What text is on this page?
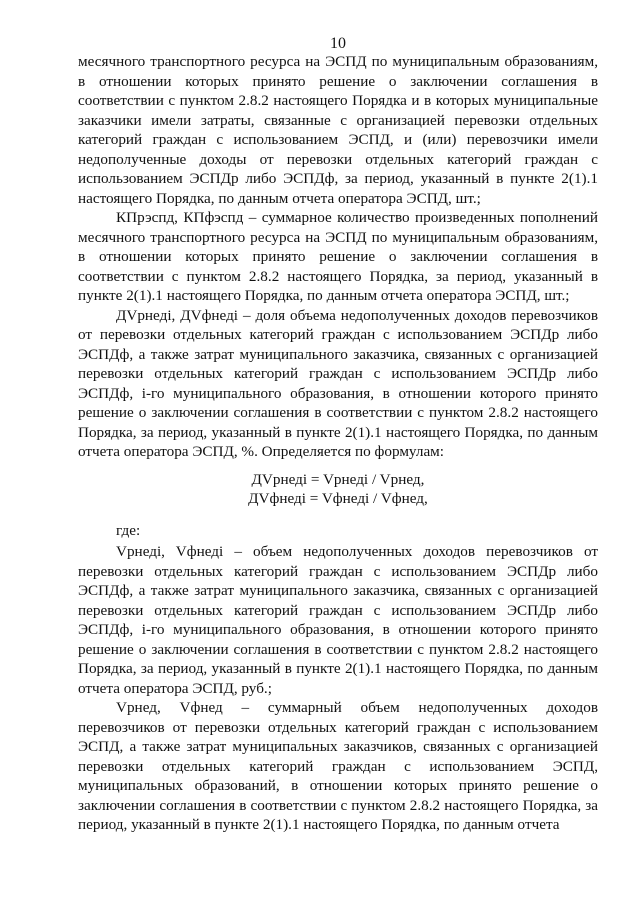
10

месячного транспортного ресурса на ЭСПД по муниципальным образованиям, в отношении которых принято решение о заключении соглашения в соответствии с пунктом 2.8.2 настоящего Порядка и в которых муниципальные заказчики имели затраты, связанные с организацией перевозки отдельных категорий граждан с использованием ЭСПД, и (или) перевозчики имели недополученные доходы от перевозки отдельных категорий граждан с использованием ЭСПДр либо ЭСПДф, за период, указанный в пункте 2(1).1 настоящего Порядка, по данным отчета оператора ЭСПД, шт.;

КПрэспд, КПфэспд – суммарное количество произведенных пополнений месячного транспортного ресурса на ЭСПД по муниципальным образованиям, в отношении которых принято решение о заключении соглашения в соответствии с пунктом 2.8.2 настоящего Порядка, за период, указанный в пункте 2(1).1 настоящего Порядка, по данным отчета оператора ЭСПД, шт.;

ДVрнедi, ДVфнедi – доля объема недополученных доходов перевозчиков от перевозки отдельных категорий граждан с использованием ЭСПДр либо ЭСПДф, а также затрат муниципального заказчика, связанных с организацией перевозки отдельных категорий граждан с использованием ЭСПДр либо ЭСПДф, i-го муниципального образования, в отношении которого принято решение о заключении соглашения в соответствии с пунктом 2.8.2 настоящего Порядка, за период, указанный в пункте 2(1).1 настоящего Порядка, по данным отчета оператора ЭСПД, %. Определяется по формулам:

ДVрнедi = Vрнедi / Vрнед,
ДVфнедi = Vфнедi / Vфнед,

где:

Vрнедi, Vфнедi – объем недополученных доходов перевозчиков от перевозки отдельных категорий граждан с использованием ЭСПДр либо ЭСПДф, а также затрат муниципального заказчика, связанных с организацией перевозки отдельных категорий граждан с использованием ЭСПДр либо ЭСПДф, i-го муниципального образования, в отношении которого принято решение о заключении соглашения в соответствии с пунктом 2.8.2 настоящего Порядка, за период, указанный в пункте 2(1).1 настоящего Порядка, по данным отчета оператора ЭСПД, руб.;

Vрнед, Vфнед – суммарный объем недополученных доходов перевозчиков от перевозки отдельных категорий граждан с использованием ЭСПД, а также затрат муниципальных заказчиков, связанных с организацией перевозки отдельных категорий граждан с использованием ЭСПД, муниципальных образований, в отношении которых принято решение о заключении соглашения в соответствии с пунктом 2.8.2 настоящего Порядка, за период, указанный в пункте 2(1).1 настоящего Порядка, по данным отчета
